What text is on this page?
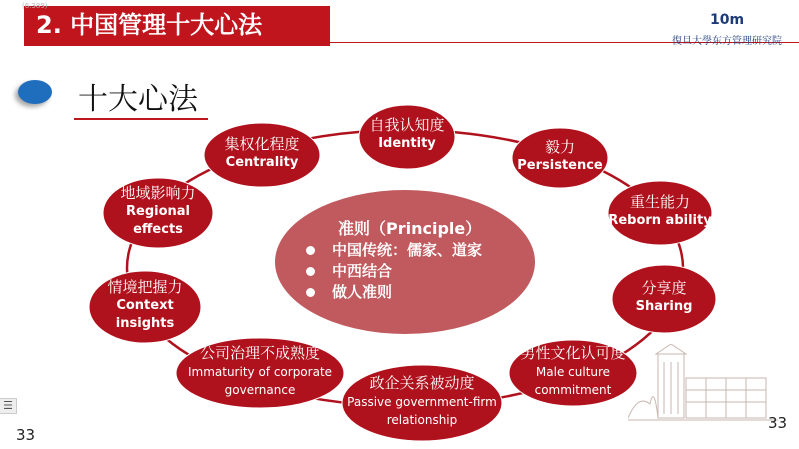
2. 中国管理十大心法
(6.389)
10m
復旦大學东方管理研究院
十大心法
自我认知度
Identity	毅力
Persistence
重生能力
Reborn ability
分享度
Sharing
男性文化认可度
Male culture
commitment
政企关系被动度
Passive government-firm
relationship
公司治理不成熟度
Immaturity of corporate
governance
情境把握力
Context
insights
地域影响力
Regional
effects
集权化程度
Centrality
准则（Principle）
中国传统：儒家、道家
中西结合
做人准则
☰
33
33
